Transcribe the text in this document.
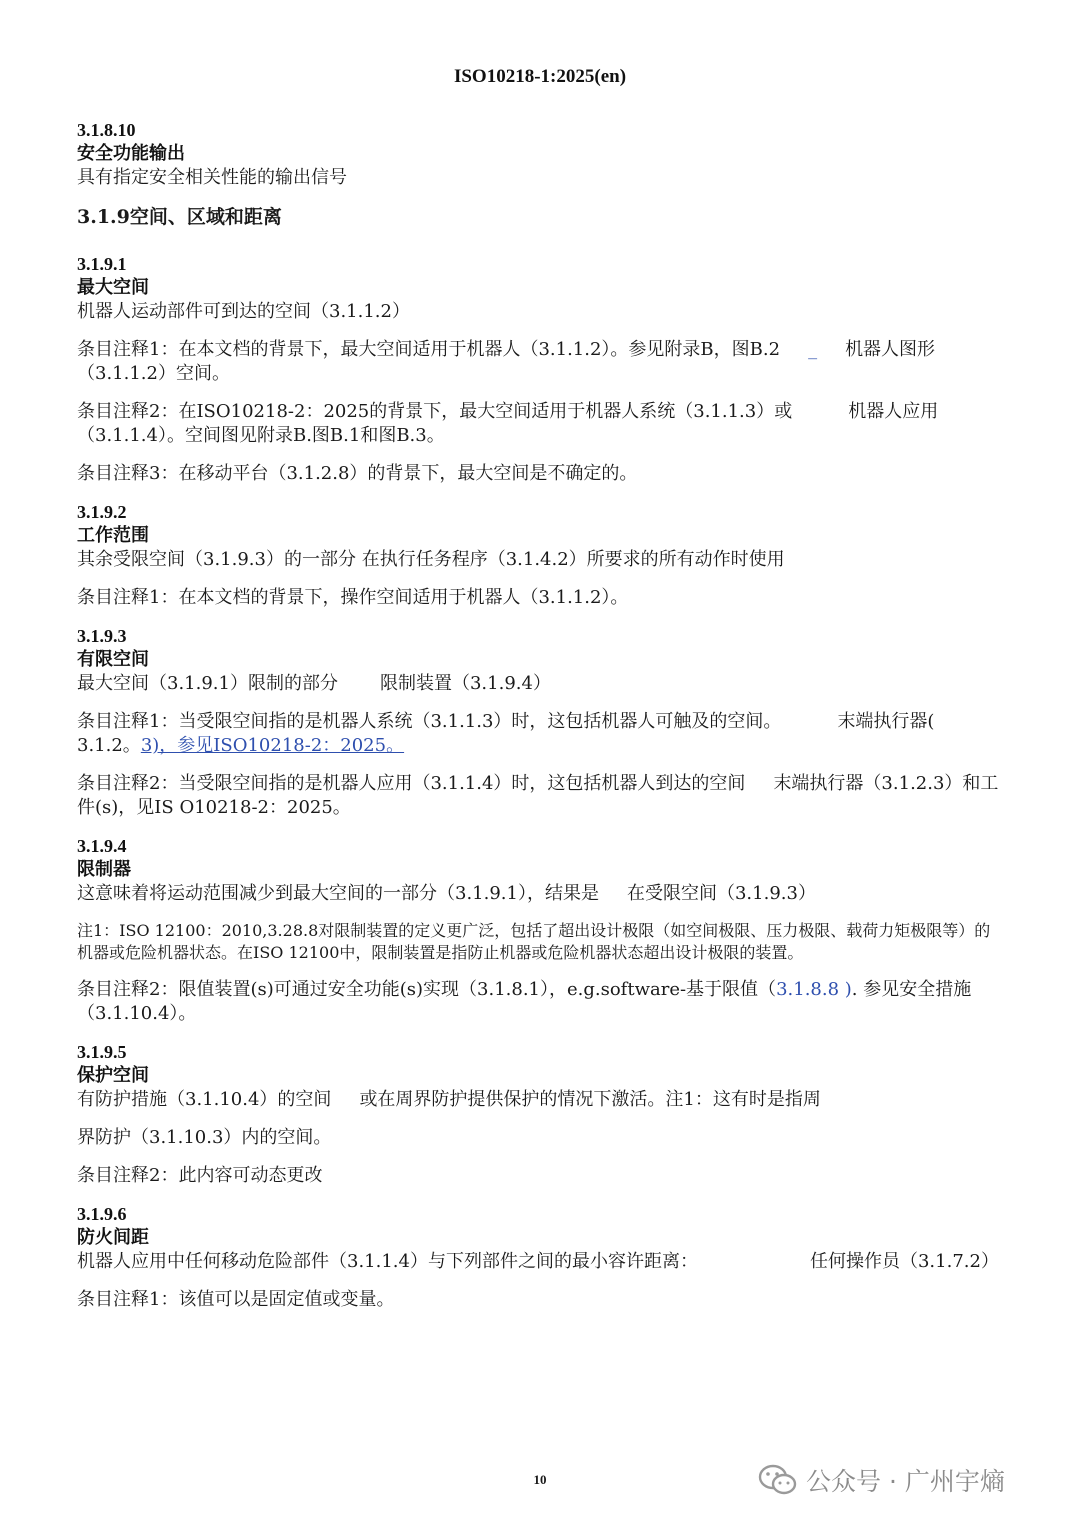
ISO10218-1:2025(en)
3.1.8.10
安全功能输出
具有指定安全相关性能的输出信号
3.1.9空间、区域和距离
3.1.9.1
最大空间
机器人运动部件可到达的空间（3.1.1.2）
条目注释1：在本文档的背景下，最大空间适用于机器人（3.1.1.2）。参见附录B，图B.2 _ 机器人图形（3.1.1.2）空间。
条目注释2：在ISO10218-2：2025的背景下，最大空间适用于机器人系统（3.1.1.3）或	机器人应用（3.1.1.4）。空间图见附录B.图B.1和图B.3。
条目注释3：在移动平台（3.1.2.8）的背景下，最大空间是不确定的。
3.1.9.2
工作范围
其余受限空间（3.1.9.3）的一部分 在执行任务程序（3.1.4.2）所要求的所有动作时使用
条目注释1：在本文档的背景下，操作空间适用于机器人（3.1.1.2）。
3.1.9.3
有限空间
最大空间（3.1.9.1）限制的部分 限制装置（3.1.9.4）
条目注释1：当受限空间指的是机器人系统（3.1.1.3）时，这包括机器人可触及的空间。	末端执行器( 3.1.2。3)，参见ISO10218-2：2025。
条目注释2：当受限空间指的是机器人应用（3.1.1.4）时，这包括机器人到达的空间 末端执行器（3.1.2.3）和工件(s)，见IS O10218-2：2025。
3.1.9.4
限制器
这意味着将运动范围减少到最大空间的一部分（3.1.9.1），结果是 在受限空间（3.1.9.3）
注1：ISO 12100：2010,3.28.8对限制装置的定义更广泛，包括了超出设计极限（如空间极限、压力极限、载荷力矩极限等）的机器或危险机器状态。在ISO 12100中，限制装置是指防止机器或危险机器状态超出设计极限的装置。
条目注释2：限值装置(s)可通过安全功能(s)实现（3.1.8.1），e.g.software-基于限值（3.1.8.8 ). 参见安全措施（3.1.10.4）。
3.1.9.5
保护空间
有防护措施（3.1.10.4）的空间 或在周界防护提供保护的情况下激活。注1：这有时是指周
界防护（3.1.10.3）内的空间。
条目注释2：此内容可动态更改
3.1.9.6
防火间距
机器人应用中任何移动危险部件（3.1.1.4）与下列部件之间的最小容许距离：	任何操作员（3.1.7.2）
条目注释1：该值可以是固定值或变量。
10	公众号 · 广州宇熵
